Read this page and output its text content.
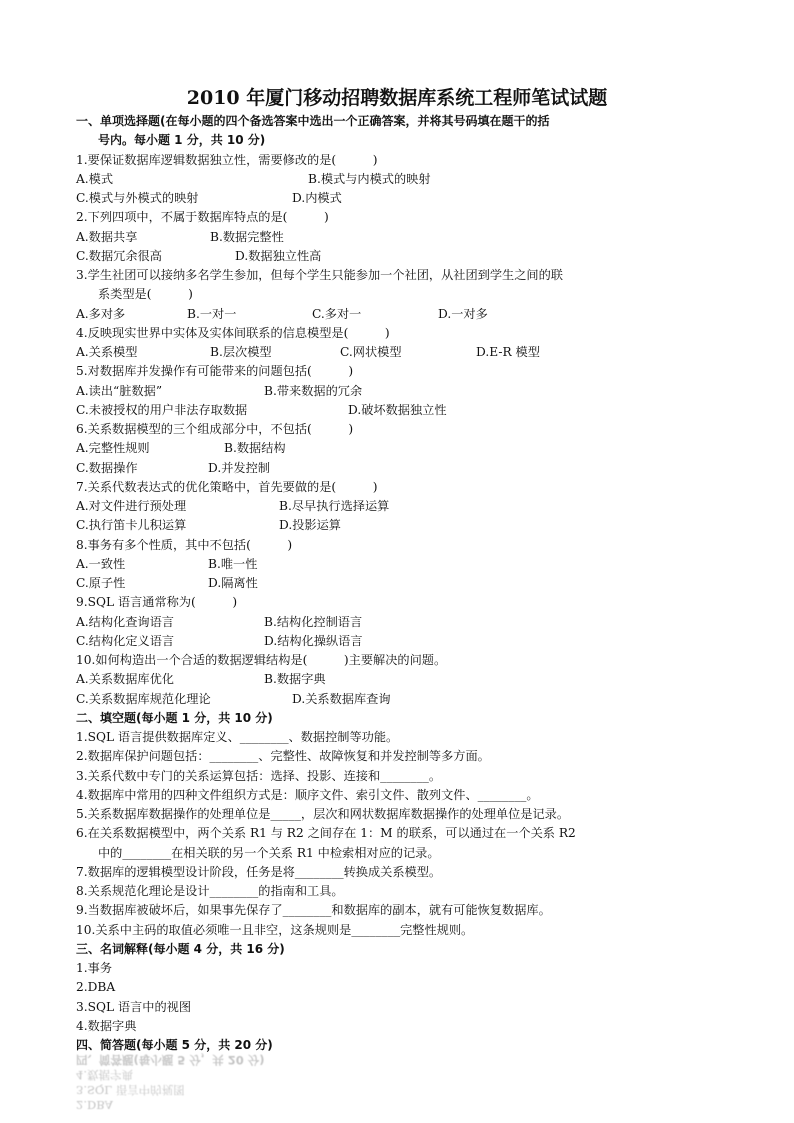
2010 年厦门移动招聘数据库系统工程师笔试试题
一、单项选择题(在每小题的四个备选答案中选出一个正确答案，并将其号码填在题干的括
号内。每小题 1 分，共 10 分)
1.要保证数据库逻辑数据独立性，需要修改的是(　　　)
A.模式	B.模式与内模式的映射
C.模式与外模式的映射	D.内模式
2.下列四项中，不属于数据库特点的是(　　　)
A.数据共享	B.数据完整性
C.数据冗余很高	D.数据独立性高
3.学生社团可以接纳多名学生参加，但每个学生只能参加一个社团，从社团到学生之间的联
系类型是(　　　)
A.多对多	B.一对一	C.多对一	D.一对多
4.反映现实世界中实体及实体间联系的信息模型是(　　　)
A.关系模型	B.层次模型	C.网状模型	D.E-R 模型
5.对数据库并发操作有可能带来的问题包括(　　　)
A.读出“脏数据”	B.带来数据的冗余
C.未被授权的用户非法存取数据	D.破坏数据独立性
6.关系数据模型的三个组成部分中，不包括(　　　)
A.完整性规则	B.数据结构
C.数据操作	D.并发控制
7.关系代数表达式的优化策略中，首先要做的是(　　　)
A.对文件进行预处理	B.尽早执行选择运算
C.执行笛卡儿积运算	D.投影运算
8.事务有多个性质，其中不包括(　　　)
A.一致性	B.唯一性
C.原子性	D.隔离性
9.SQL 语言通常称为(　　　)
A.结构化查询语言	B.结构化控制语言
C.结构化定义语言	D.结构化操纵语言
10.如何构造出一个合适的数据逻辑结构是(　　　)主要解决的问题。
A.关系数据库优化	B.数据字典
C.关系数据库规范化理论	D.关系数据库查询
二、填空题(每小题 1 分，共 10 分)
1.SQL 语言提供数据库定义、________、数据控制等功能。
2.数据库保护问题包括：________、完整性、故障恢复和并发控制等多方面。
3.关系代数中专门的关系运算包括：选择、投影、连接和________。
4.数据库中常用的四种文件组织方式是：顺序文件、索引文件、散列文件、________。
5.关系数据库数据操作的处理单位是_____，层次和网状数据库数据操作的处理单位是记录。
6.在关系数据模型中，两个关系 R1 与 R2 之间存在 1：M 的联系，可以通过在一个关系 R2
中的________在相关联的另一个关系 R1 中检索相对应的记录。
7.数据库的逻辑模型设计阶段，任务是将________转换成关系模型。
8.关系规范化理论是设计________的指南和工具。
9.当数据库被破坏后，如果事先保存了________和数据库的副本，就有可能恢复数据库。
10.关系中主码的取值必须唯一且非空，这条规则是________完整性规则。
三、名词解释(每小题 4 分，共 16 分)
1.事务
2.DBA
3.SQL 语言中的视图
4.数据字典
四、简答题(每小题 5 分，共 20 分)
2.DBA
3.SQL 语言中的视图
4.数据字典
四、简答题(每小题 5 分，共 20 分)
